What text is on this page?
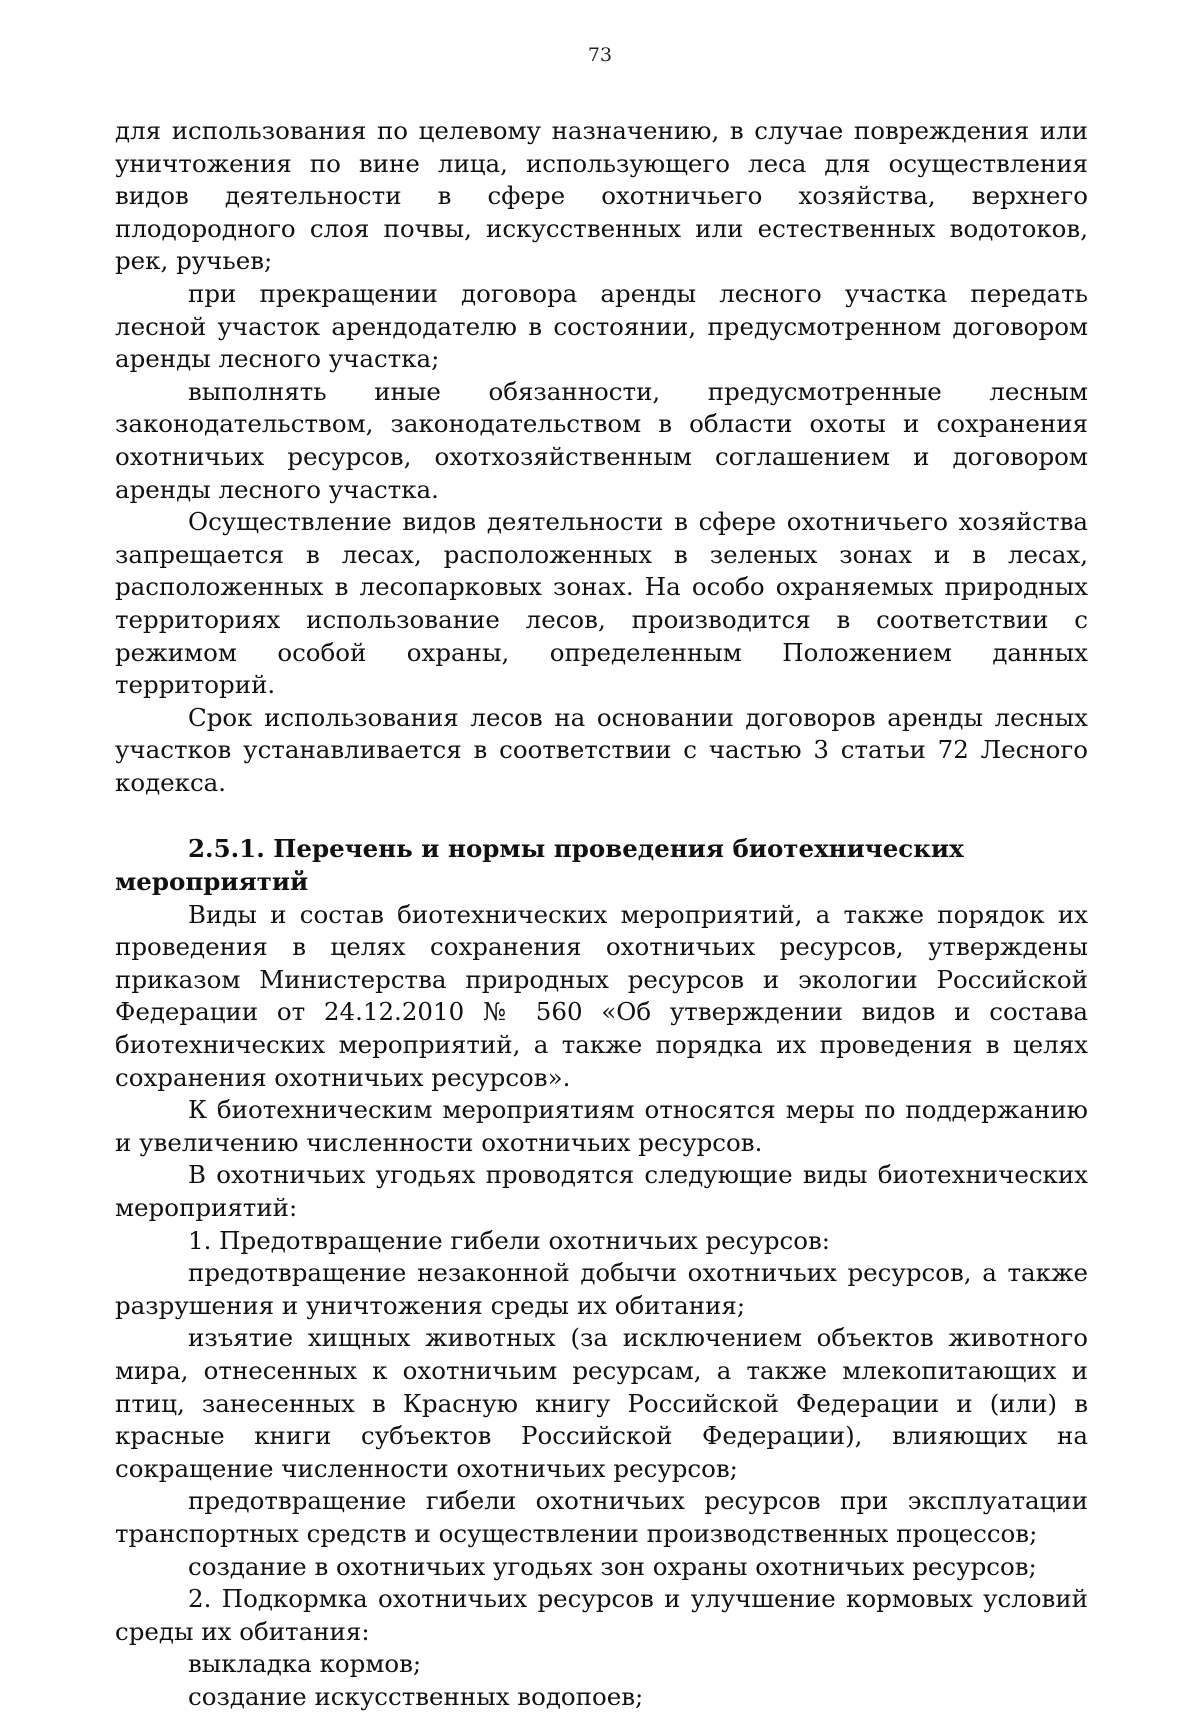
73

для использования по целевому назначению, в случае повреждения или уничтожения по вине лица, использующего леса для осуществления видов деятельности в сфере охотничьего хозяйства, верхнего плодородного слоя почвы, искусственных или естественных водотоков, рек, ручьев;

при прекращении договора аренды лесного участка передать лесной участок арендодателю в состоянии, предусмотренном договором аренды лесного участка;

выполнять иные обязанности, предусмотренные лесным законодательством, законодательством в области охоты и сохранения охотничьих ресурсов, охотхозяйственным соглашением и договором аренды лесного участка.

Осуществление видов деятельности в сфере охотничьего хозяйства запрещается в лесах, расположенных в зеленых зонах и в лесах, расположенных в лесопарковых зонах. На особо охраняемых природных территориях использование лесов, производится в соответствии с режимом особой охраны, определенным Положением данных территорий.

Срок использования лесов на основании договоров аренды лесных участков устанавливается в соответствии с частью 3 статьи 72 Лесного кодекса.

2.5.1. Перечень и нормы проведения биотехнических мероприятий

Виды и состав биотехнических мероприятий, а также порядок их проведения в целях сохранения охотничьих ресурсов, утверждены приказом Министерства природных ресурсов и экологии Российской Федерации от 24.12.2010 № 560 «Об утверждении видов и состава биотехнических мероприятий, а также порядка их проведения в целях сохранения охотничьих ресурсов».

К биотехническим мероприятиям относятся меры по поддержанию и увеличению численности охотничьих ресурсов.

В охотничьих угодьях проводятся следующие виды биотехнических мероприятий:

1. Предотвращение гибели охотничьих ресурсов:

предотвращение незаконной добычи охотничьих ресурсов, а также разрушения и уничтожения среды их обитания;

изъятие хищных животных (за исключением объектов животного мира, отнесенных к охотничьим ресурсам, а также млекопитающих и птиц, занесенных в Красную книгу Российской Федерации и (или) в красные книги субъектов Российской Федерации), влияющих на сокращение численности охотничьих ресурсов;

предотвращение гибели охотничьих ресурсов при эксплуатации транспортных средств и осуществлении производственных процессов;

создание в охотничьих угодьях зон охраны охотничьих ресурсов;

2. Подкормка охотничьих ресурсов и улучшение кормовых условий среды их обитания:

выкладка кормов;

создание искусственных водопоев;
